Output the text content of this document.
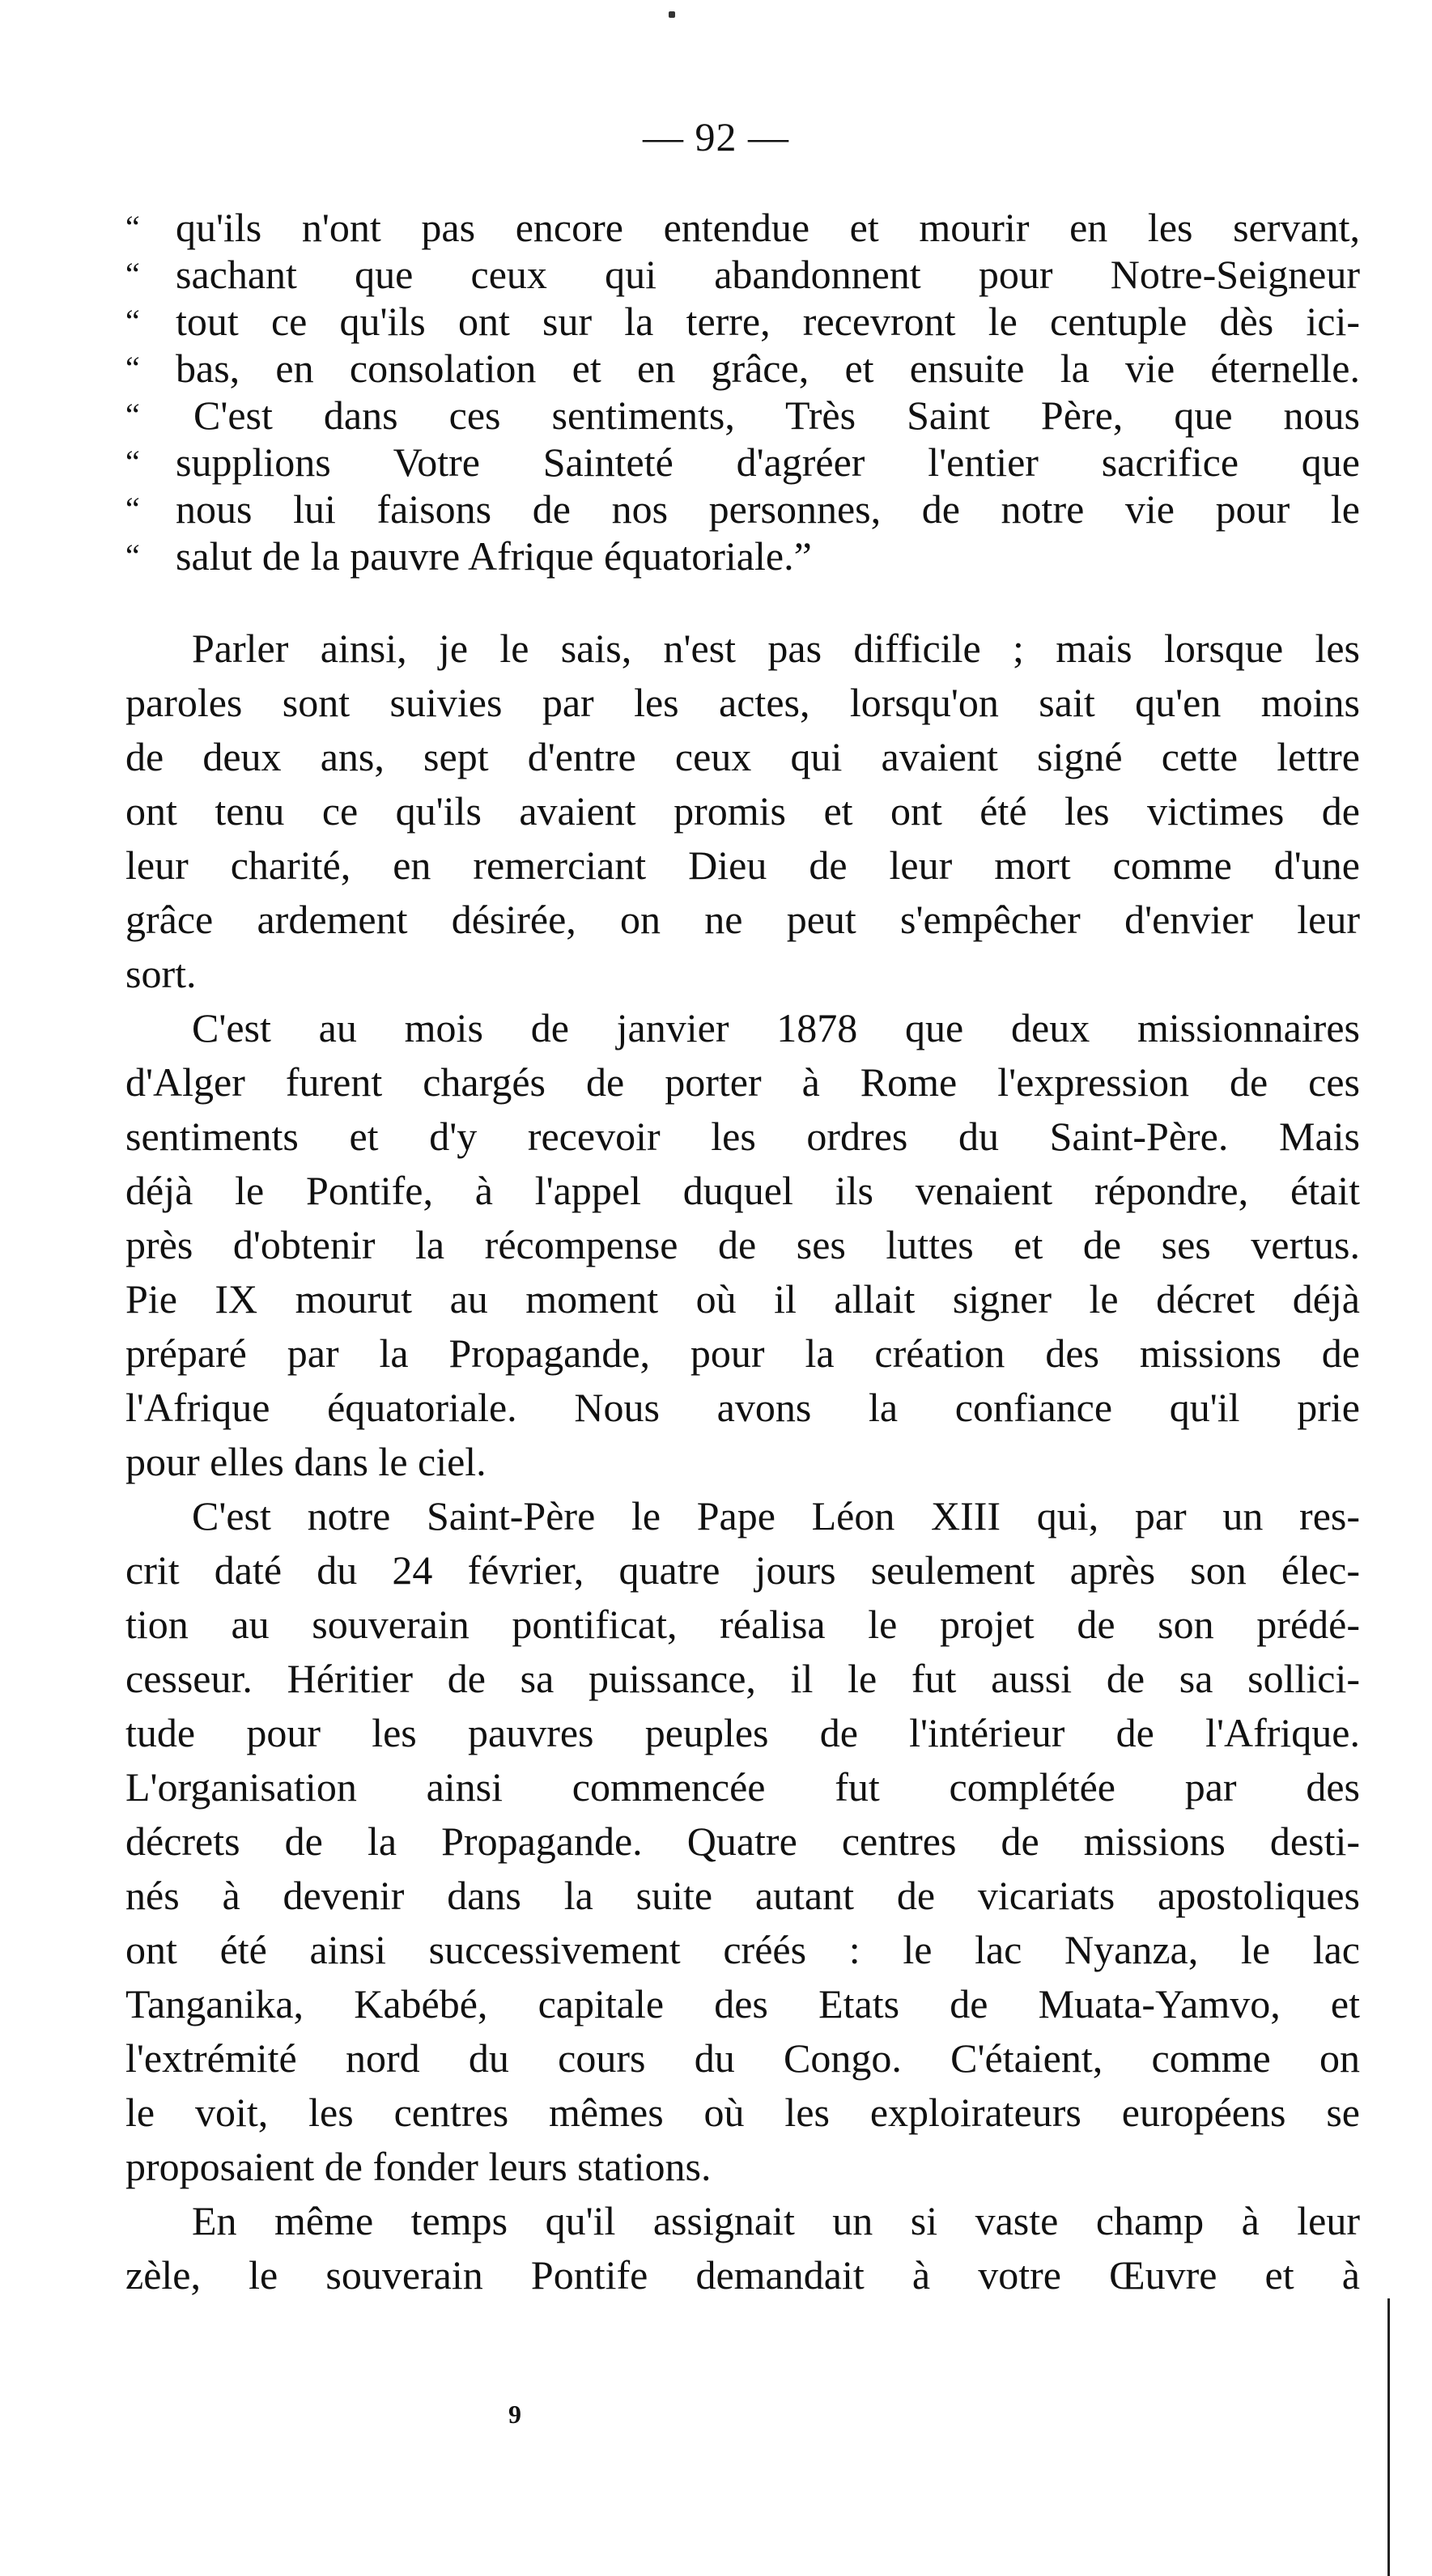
— 92 —
“ qu'ils n'ont pas encore entendue et mourir en les servant,
“ sachant que ceux qui abandonnent pour Notre-Seigneur
“ tout ce qu'ils ont sur la terre, recevront le centuple dès ici-
“ bas, en consolation et en grâce, et ensuite la vie éternelle.
“	C'est dans ces sentiments, Très Saint Père, que nous
“ supplions Votre Sainteté d'agréer l'entier sacrifice que
“ nous lui faisons de nos personnes, de notre vie pour le
“ salut de la pauvre Afrique équatoriale.”
Parler ainsi, je le sais, n'est pas difficile ; mais lorsque les
paroles sont suivies par les actes, lorsqu'on sait qu'en moins
de deux ans, sept d'entre ceux qui avaient signé cette lettre
ont tenu ce qu'ils avaient promis et ont été les victimes de
leur charité, en remerciant Dieu de leur mort comme d'une
grâce ardement désirée, on ne peut s'empêcher d'envier leur
sort.
C'est au mois de janvier 1878 que deux missionnaires
d'Alger furent chargés de porter à Rome l'expression de ces
sentiments et d'y recevoir les ordres du Saint-Père. Mais
déjà le Pontife, à l'appel duquel ils venaient répondre, était
près d'obtenir la récompense de ses luttes et de ses vertus.
Pie IX mourut au moment où il allait signer le décret déjà
préparé par la Propagande, pour la création des missions de
l'Afrique équatoriale. Nous avons la confiance qu'il prie
pour elles dans le ciel.
C'est notre Saint-Père le Pape Léon XIII qui, par un res-
crit daté du 24 février, quatre jours seulement après son élec-
tion au souverain pontificat, réalisa le projet de son prédé-
cesseur. Héritier de sa puissance, il le fut aussi de sa sollici-
tude pour les pauvres peuples de l'intérieur de l'Afrique.
L'organisation ainsi commencée fut complétée par des
décrets de la Propagande. Quatre centres de missions desti-
nés à devenir dans la suite autant de vicariats apostoliques
ont été ainsi successivement créés : le lac Nyanza, le lac
Tanganika, Kabébé, capitale des Etats de Muata-Yamvo, et
l'extrémité nord du cours du Congo. C'étaient, comme on
le voit, les centres mêmes où les exploirateurs européens se
proposaient de fonder leurs stations.
En même temps qu'il assignait un si vaste champ à leur
zèle, le souverain Pontife demandait à votre Œuvre et à
9
